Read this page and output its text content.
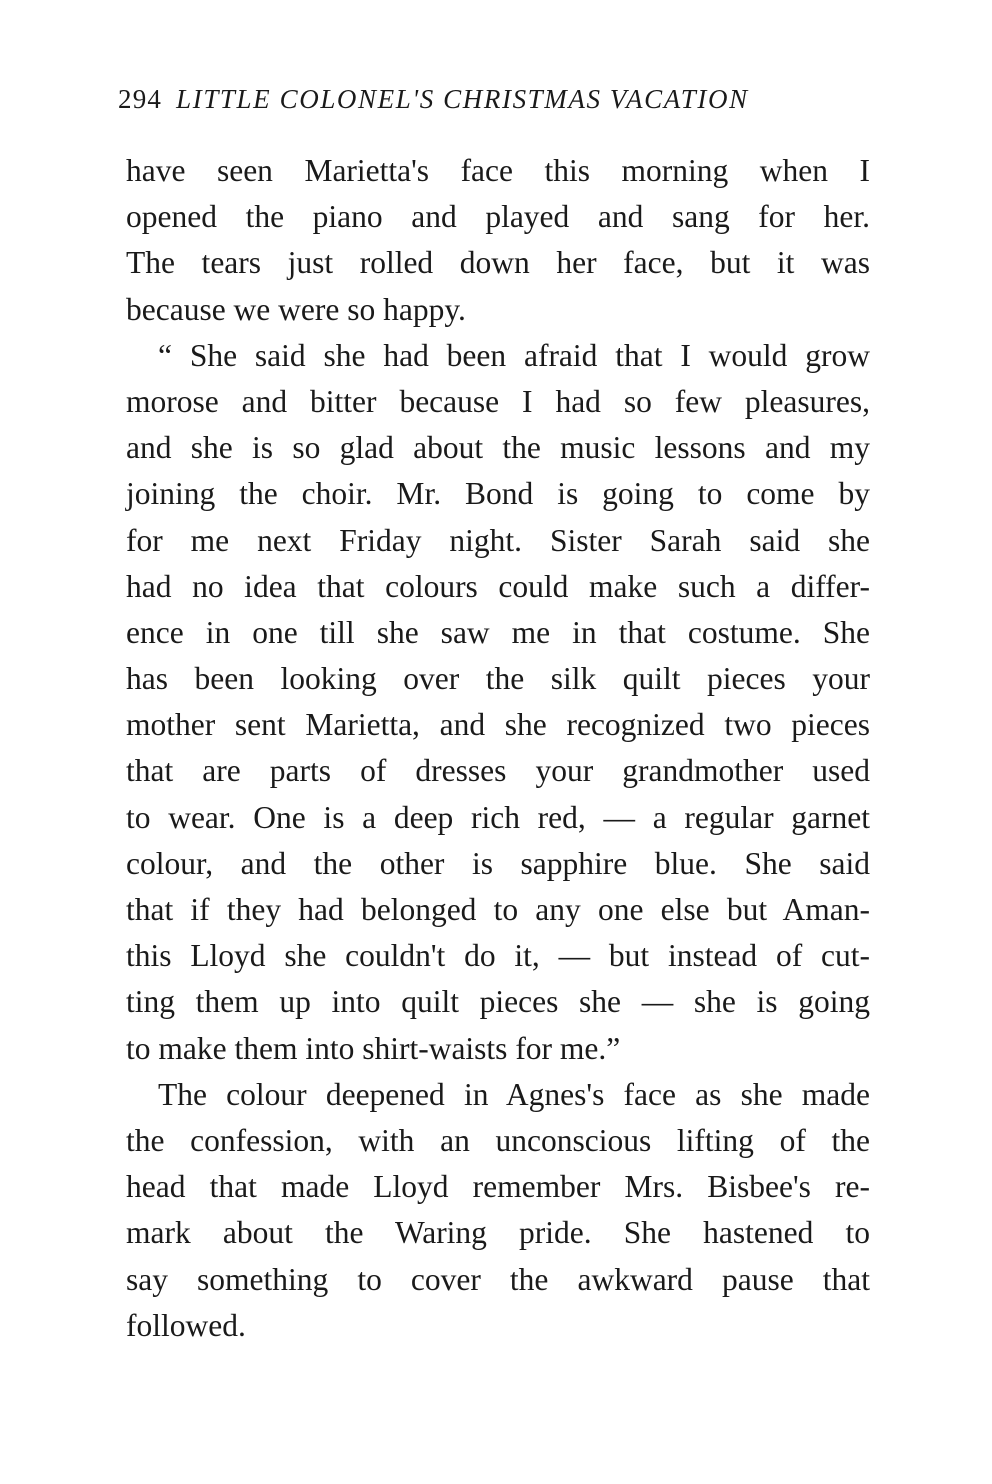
294 LITTLE COLONEL'S CHRISTMAS VACATION
have seen Marietta's face this morning when I
opened the piano and played and sang for her.
The tears just rolled down her face, but it was
because we were so happy.
“ She said she had been afraid that I would grow
morose and bitter because I had so few pleasures,
and she is so glad about the music lessons and my
joining the choir. Mr. Bond is going to come by
for me next Friday night. Sister Sarah said she
had no idea that colours could make such a differ-
ence in one till she saw me in that costume. She
has been looking over the silk quilt pieces your
mother sent Marietta, and she recognized two pieces
that are parts of dresses your grandmother used
to wear. One is a deep rich red, — a regular garnet
colour, and the other is sapphire blue. She said
that if they had belonged to any one else but Aman-
this Lloyd she couldn't do it, — but instead of cut-
ting them up into quilt pieces she — she is going
to make them into shirt-waists for me.”
The colour deepened in Agnes's face as she made
the confession, with an unconscious lifting of the
head that made Lloyd remember Mrs. Bisbee's re-
mark about the Waring pride. She hastened to
say something to cover the awkward pause that
followed.
